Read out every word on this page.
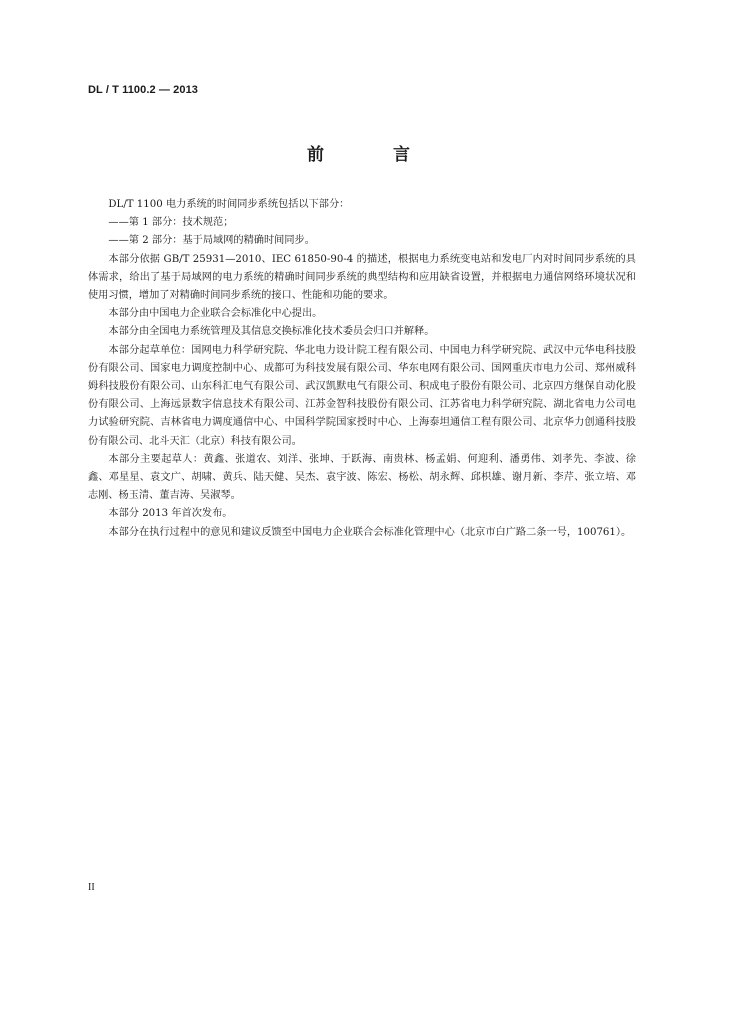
DL / T 1100.2 — 2013
前　言

DL/T 1100 电力系统的时间同步系统包括以下部分：

——第 1 部分：技术规范；

——第 2 部分：基于局域网的精确时间同步。

本部分依据 GB/T 25931—2010、IEC 61850-90-4 的描述，根据电力系统变电站和发电厂内对时间同步系统的具体需求，给出了基于局域网的电力系统的精确时间同步系统的典型结构和应用缺省设置，并根据电力通信网络环境状况和使用习惯，增加了对精确时间同步系统的接口、性能和功能的要求。

本部分由中国电力企业联合会标准化中心提出。

本部分由全国电力系统管理及其信息交换标准化技术委员会归口并解释。

本部分起草单位：国网电力科学研究院、华北电力设计院工程有限公司、中国电力科学研究院、武汉中元华电科技股份有限公司、国家电力调度控制中心、成都可为科技发展有限公司、华东电网有限公司、国网重庆市电力公司、郑州威科姆科技股份有限公司、山东科汇电气有限公司、武汉凯默电气有限公司、积成电子股份有限公司、北京四方继保自动化股份有限公司、上海远景数字信息技术有限公司、江苏金智科技股份有限公司、江苏省电力科学研究院、湖北省电力公司电力试验研究院、吉林省电力调度通信中心、中国科学院国家授时中心、上海泰坦通信工程有限公司、北京华力创通科技股份有限公司、北斗天汇（北京）科技有限公司。

本部分主要起草人：黄鑫、张道农、刘洋、张坤、于跃海、南贵林、杨孟娟、何迎利、潘勇伟、刘孝先、李波、徐鑫、邓星星、袁文广、胡啸、黄兵、陆天健、吴杰、袁宇波、陈宏、杨松、胡永辉、邱枳雄、谢月新、李芹、张立培、邓志刚、杨玉清、董吉涛、吴淑琴。

本部分 2013 年首次发布。

本部分在执行过程中的意见和建议反馈至中国电力企业联合会标准化管理中心（北京市白广路二条一号，100761）。

II
